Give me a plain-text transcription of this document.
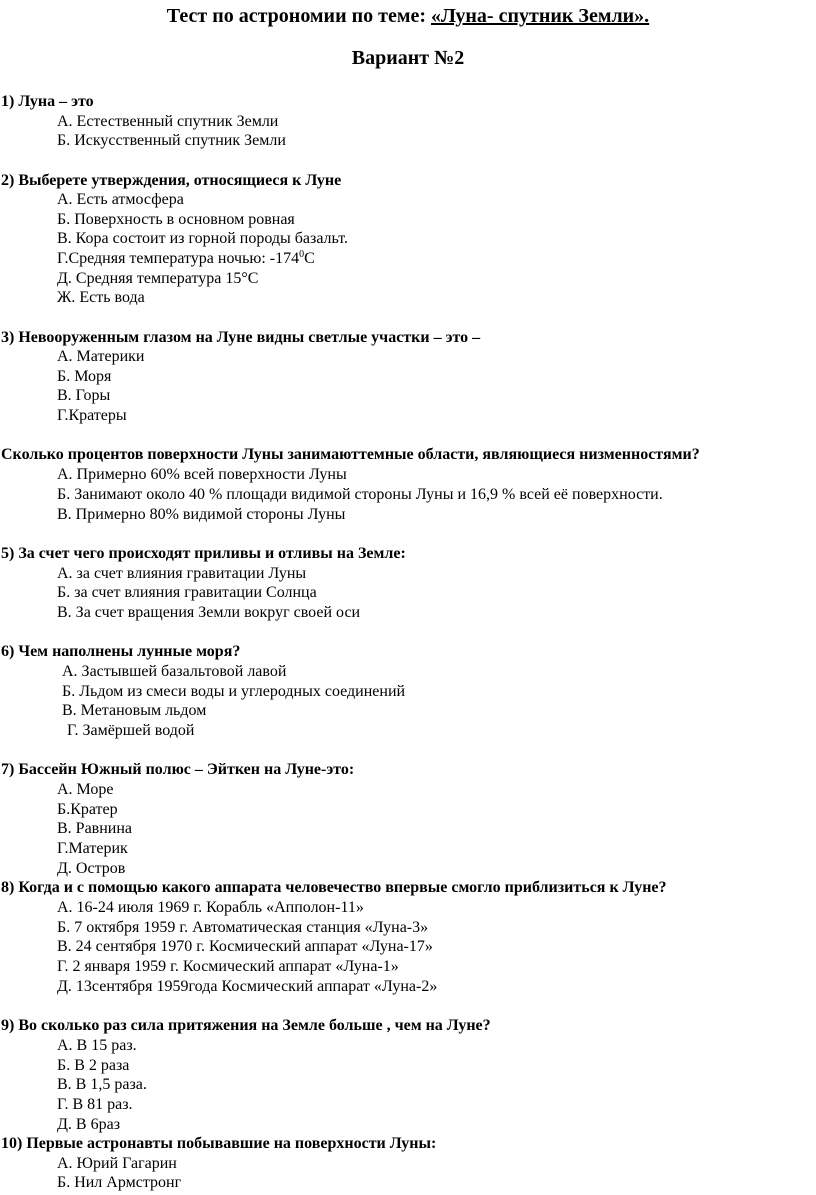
Тест по астрономии по теме: «Луна- спутник Земли».
Вариант №2
1) Луна – это
А. Естественный спутник Земли
Б. Искусственный спутник Земли
2) Выберете утверждения, относящиеся к Луне
А. Есть атмосфера
Б. Поверхность в основном ровная
В. Кора состоит из горной породы базальт.
Г.Средняя температура ночью: $-174^0С$
Д. Средняя температура 15°С
Ж. Есть вода
3) Невооруженным глазом на Луне видны светлые участки – это –
А. Материки
Б. Моря
В. Горы
Г.Кратеры
Сколько процентов поверхности Луны занимаюттемные области, являющиеся низменностями?
А. Примерно 60% всей поверхности Луны
Б. Занимают около 40 % площади видимой стороны Луны и 16,9 % всей её поверхности.
В. Примерно 80% видимой стороны Луны
5) За счет чего происходят приливы и отливы на Земле:
А. за счет влияния гравитации Луны
Б. за счет влияния гравитации Солнца
В. За счет вращения Земли вокруг своей оси
6) Чем наполнены лунные моря?
А. Застывшей базальтовой лавой
Б. Льдом из смеси воды и углеродных соединений
В. Метановым льдом
Г. Замёршей водой
7) Бассейн Южный полюс – Эйткен на Луне-это:
А. Море
Б.Кратер
В. Равнина
Г.Материк
Д. Остров
8) Когда и с помощью какого аппарата человечество впервые смогло приблизиться к Луне?
А. 16-24 июля 1969 г. Корабль «Апполон-11»
Б. 7 октября 1959 г. Автоматическая станция «Луна-3»
В. 24 сентября 1970 г. Космический аппарат «Луна-17»
Г. 2 января 1959 г. Космический аппарат «Луна-1»
Д. 13сентября 1959года Космический аппарат «Луна-2»
9) Во сколько раз сила притяжения на Земле больше , чем на Луне?
А. В 15 раз.
Б. В 2 раза
В. В 1,5 раза.
Г. В 81 раз.
Д. В 6раз
10) Первые астронавты побывавшие на поверхности Луны:
А. Юрий Гагарин
Б. Нил Армстронг
